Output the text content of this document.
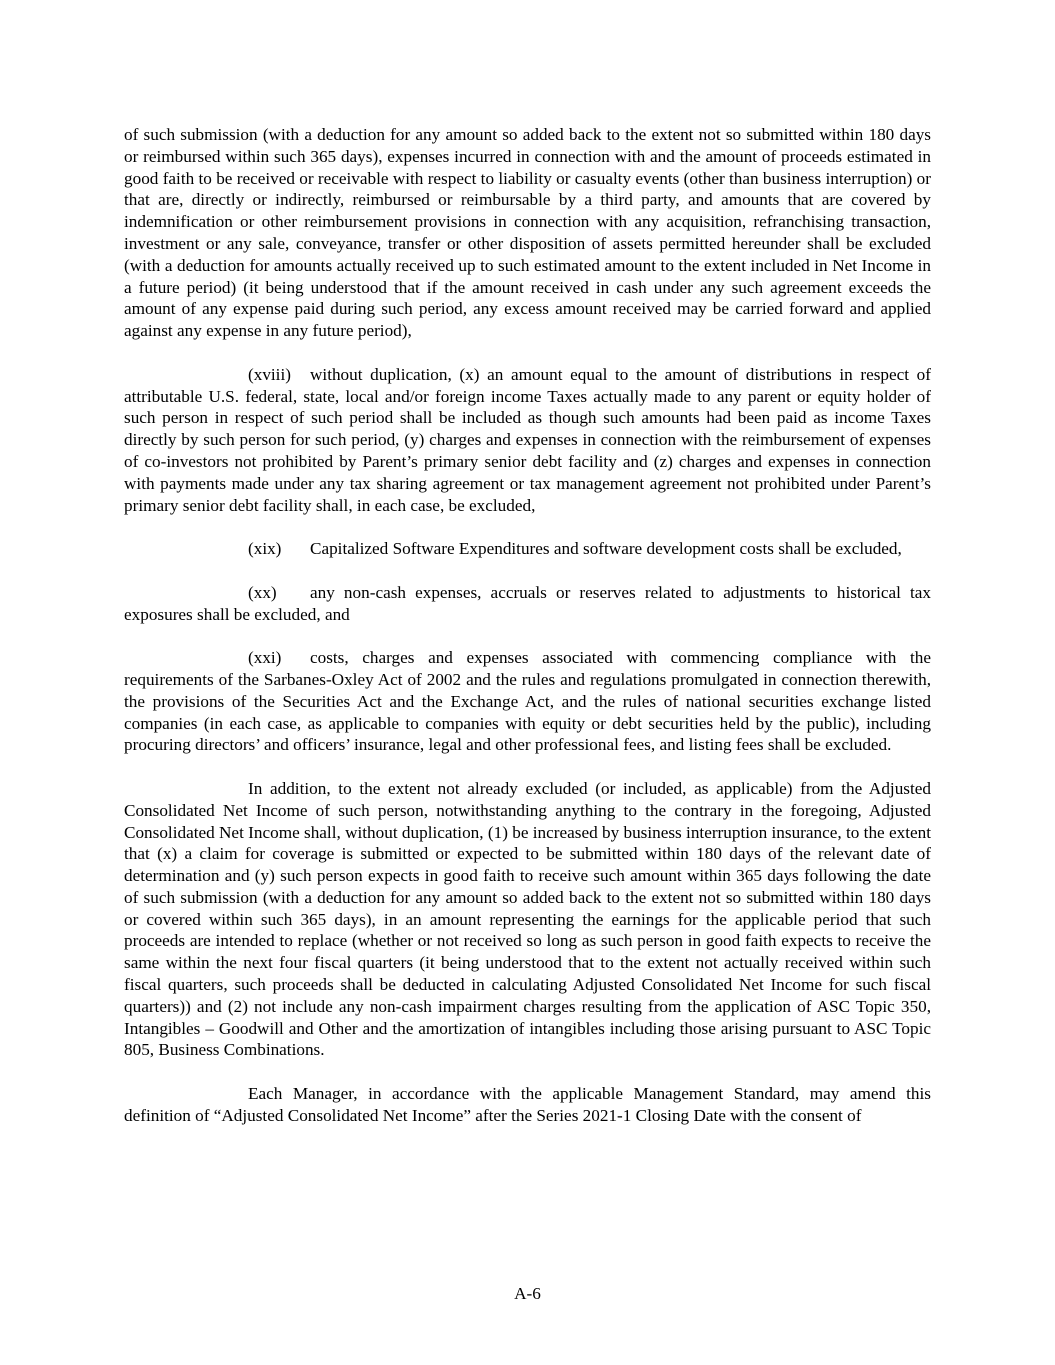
of such submission (with a deduction for any amount so added back to the extent not so submitted within 180 days or reimbursed within such 365 days), expenses incurred in connection with and the amount of proceeds estimated in good faith to be received or receivable with respect to liability or casualty events (other than business interruption) or that are, directly or indirectly, reimbursed or reimbursable by a third party, and amounts that are covered by indemnification or other reimbursement provisions in connection with any acquisition, refranchising transaction, investment or any sale, conveyance, transfer or other disposition of assets permitted hereunder shall be excluded (with a deduction for amounts actually received up to such estimated amount to the extent included in Net Income in a future period) (it being understood that if the amount received in cash under any such agreement exceeds the amount of any expense paid during such period, any excess amount received may be carried forward and applied against any expense in any future period),

(xviii) without duplication, (x) an amount equal to the amount of distributions in respect of attributable U.S. federal, state, local and/or foreign income Taxes actually made to any parent or equity holder of such person in respect of such period shall be included as though such amounts had been paid as income Taxes directly by such person for such period, (y) charges and expenses in connection with the reimbursement of expenses of co-investors not prohibited by Parent’s primary senior debt facility and (z) charges and expenses in connection with payments made under any tax sharing agreement or tax management agreement not prohibited under Parent’s primary senior debt facility shall, in each case, be excluded,

(xix) Capitalized Software Expenditures and software development costs shall be excluded,

(xx) any non-cash expenses, accruals or reserves related to adjustments to historical tax exposures shall be excluded, and

(xxi) costs, charges and expenses associated with commencing compliance with the requirements of the Sarbanes-Oxley Act of 2002 and the rules and regulations promulgated in connection therewith, the provisions of the Securities Act and the Exchange Act, and the rules of national securities exchange listed companies (in each case, as applicable to companies with equity or debt securities held by the public), including procuring directors’ and officers’ insurance, legal and other professional fees, and listing fees shall be excluded.

In addition, to the extent not already excluded (or included, as applicable) from the Adjusted Consolidated Net Income of such person, notwithstanding anything to the contrary in the foregoing, Adjusted Consolidated Net Income shall, without duplication, (1) be increased by business interruption insurance, to the extent that (x) a claim for coverage is submitted or expected to be submitted within 180 days of the relevant date of determination and (y) such person expects in good faith to receive such amount within 365 days following the date of such submission (with a deduction for any amount so added back to the extent not so submitted within 180 days or covered within such 365 days), in an amount representing the earnings for the applicable period that such proceeds are intended to replace (whether or not received so long as such person in good faith expects to receive the same within the next four fiscal quarters (it being understood that to the extent not actually received within such fiscal quarters, such proceeds shall be deducted in calculating Adjusted Consolidated Net Income for such fiscal quarters)) and (2) not include any non-cash impairment charges resulting from the application of ASC Topic 350, Intangibles – Goodwill and Other and the amortization of intangibles including those arising pursuant to ASC Topic 805, Business Combinations.

Each Manager, in accordance with the applicable Management Standard, may amend this definition of “Adjusted Consolidated Net Income” after the Series 2021-1 Closing Date with the consent of

A-6
